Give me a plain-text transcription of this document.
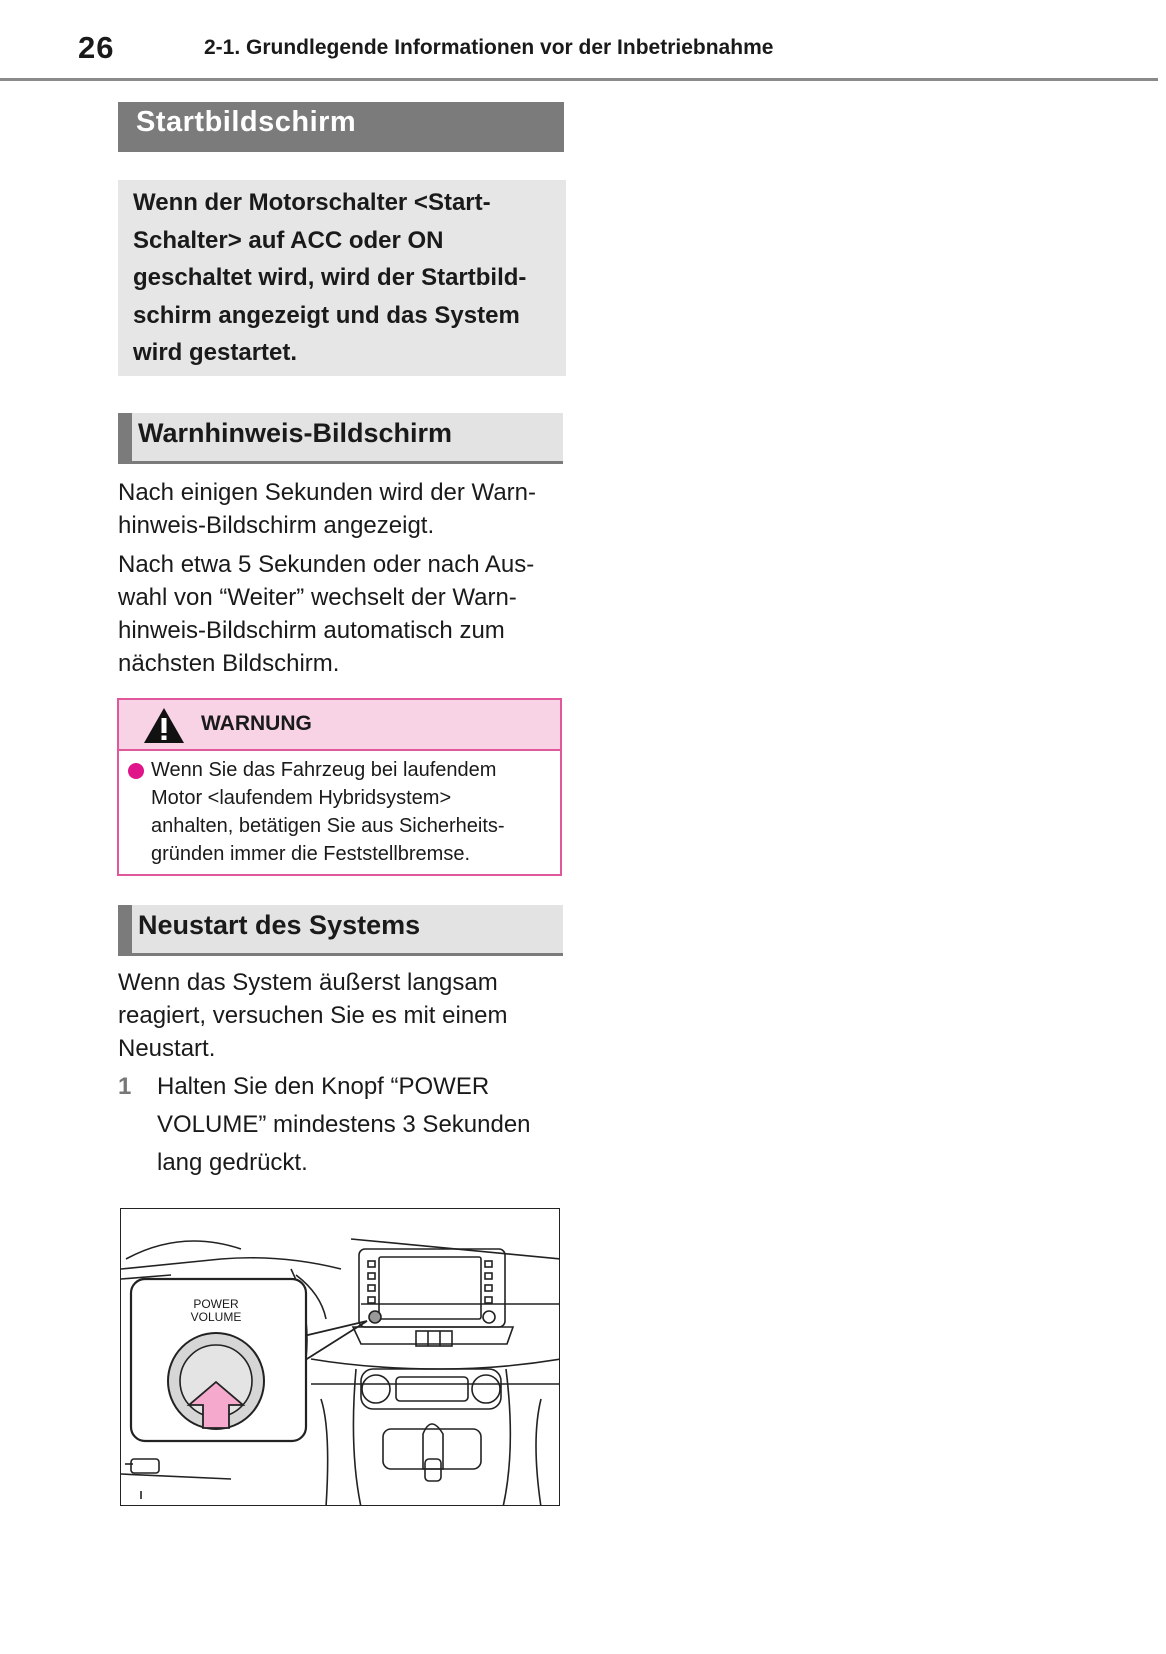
26	2-1. Grundlegende Informationen vor der Inbetriebnahme
Startbildschirm
Wenn der Motorschalter <Start-
Schalter> auf ACC oder ON
geschaltet wird, wird der Startbild-
schirm angezeigt und das System
wird gestartet.
Warnhinweis-Bildschirm
Nach einigen Sekunden wird der Warn-
hinweis-Bildschirm angezeigt.
Nach etwa 5 Sekunden oder nach Aus-
wahl von “Weiter” wechselt der Warn-
hinweis-Bildschirm automatisch zum
nächsten Bildschirm.
WARNUNG
Wenn Sie das Fahrzeug bei laufendem
Motor <laufendem Hybridsystem>
anhalten, betätigen Sie aus Sicherheits-
gründen immer die Feststellbremse.
Neustart des Systems
Wenn das System äußerst langsam
reagiert, versuchen Sie es mit einem
Neustart.
1 Halten Sie den Knopf “POWER
VOLUME” mindestens 3 Sekunden
lang gedrückt.
POWER
VOLUME
